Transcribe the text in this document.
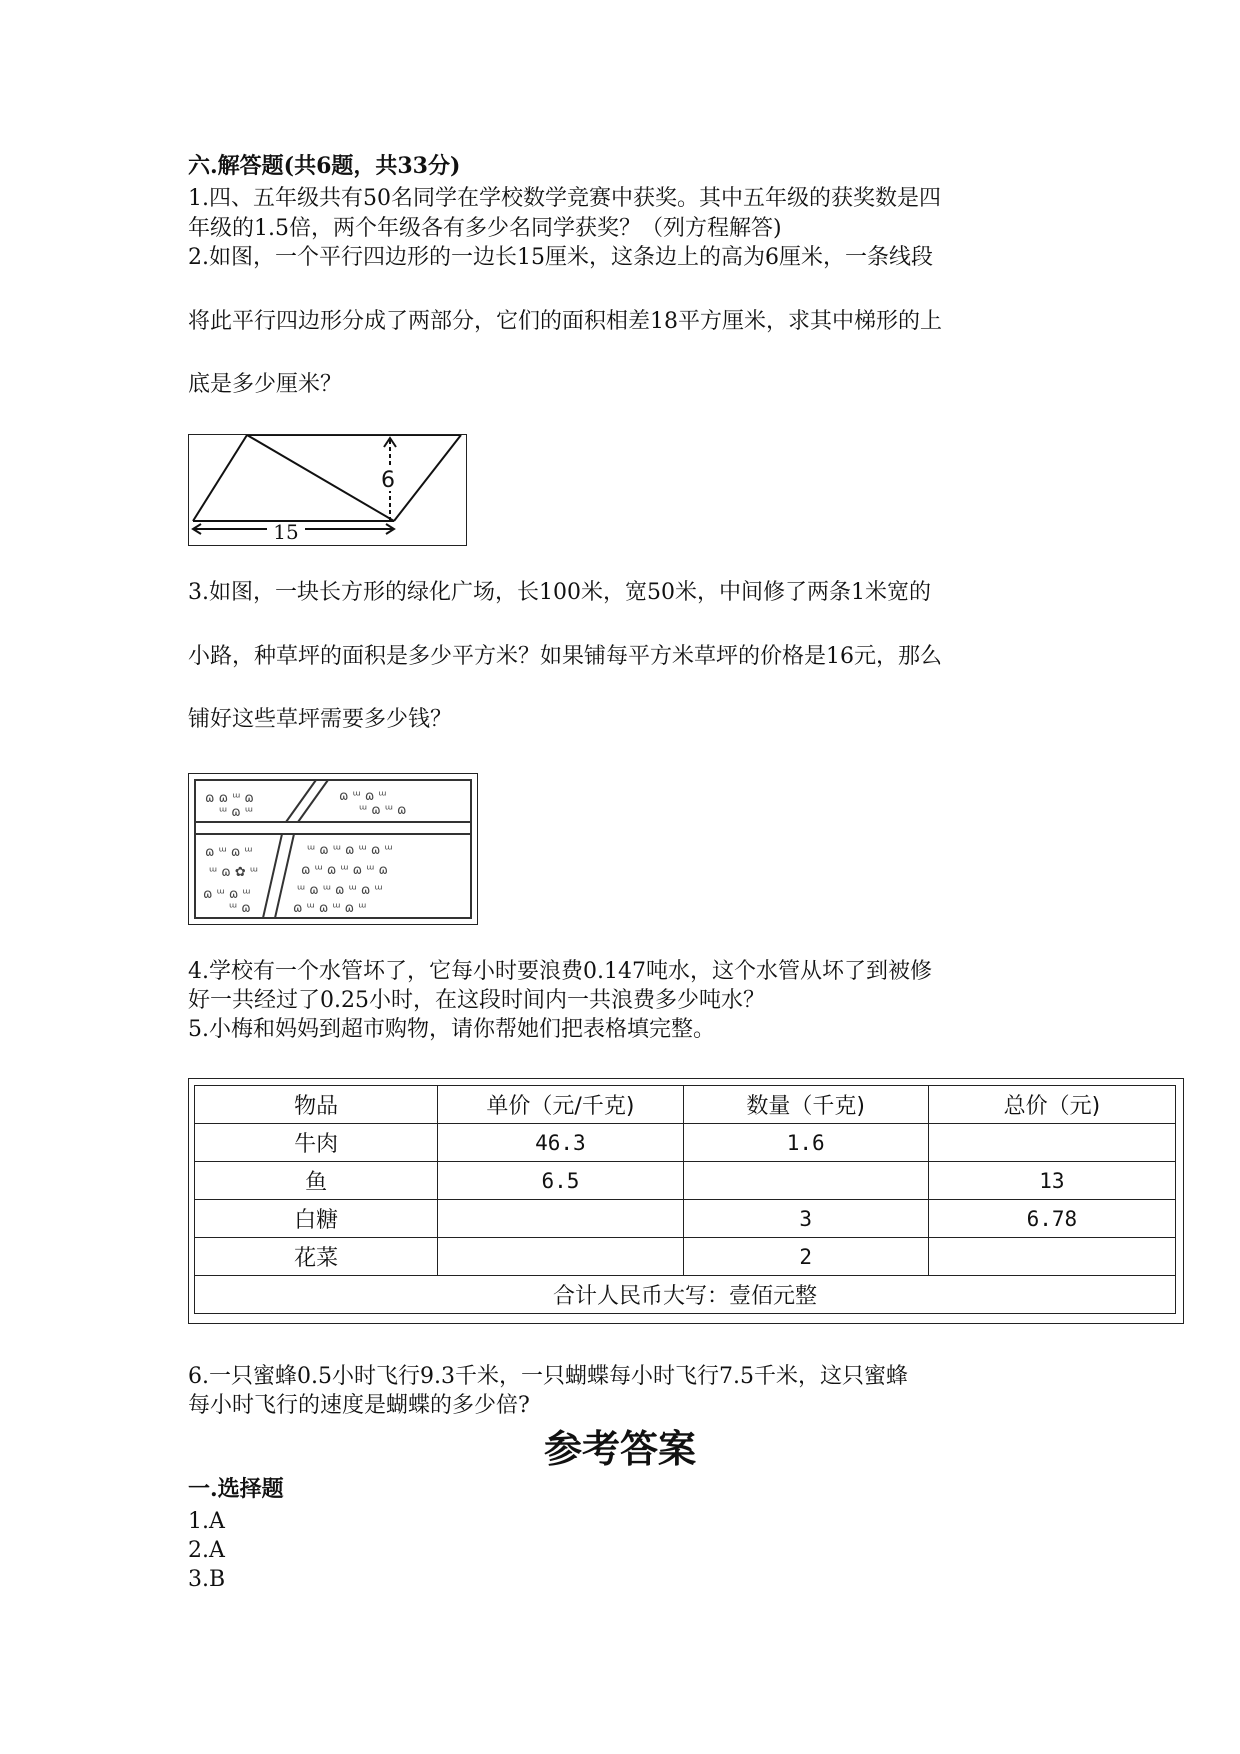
六.解答题(共6题，共33分)
1.四、五年级共有50名同学在学校数学竞赛中获奖。其中五年级的获奖数是四
年级的1.5倍，两个年级各有多少名同学获奖？（列方程解答)
2.如图，一个平行四边形的一边长15厘米，这条边上的高为6厘米，一条线段
将此平行四边形分成了两部分，它们的面积相差18平方厘米，求其中梯形的上
底是多少厘米？
15
6
3.如图，一块长方形的绿化广场，长100米，宽50米，中间修了两条1米宽的
小路，种草坪的面积是多少平方米？如果铺每平方米草坪的价格是16元，那么
铺好这些草坪需要多少钱？
ɷ ɷ ᵚ ɷ
ᵚ ɷ ᵚ
ɷ ᵚ ɷ ᵚ
ᵚ ɷ ᵚ ɷ
ɷ ᵚ ɷ ᵚ
ᵚ ɷ ✿ ᵚ
ɷ ᵚ ɷ ᵚ
ᵚ ɷ
ᵚ ɷ ᵚ ɷ ᵚ ɷ ᵚ
ɷ ᵚ ɷ ᵚ ɷ ᵚ ɷ
ᵚ ɷ ᵚ ɷ ᵚ ɷ ᵚ
ɷ ᵚ ɷ ᵚ ɷ ᵚ
4.学校有一个水管坏了，它每小时要浪费0.147吨水，这个水管从坏了到被修
好一共经过了0.25小时，在这段时间内一共浪费多少吨水？
5.小梅和妈妈到超市购物，请你帮她们把表格填完整。
物品	单价（元/千克)	数量（千克)	总价（元)
牛肉	46.3	1.6	
鱼	6.5		13
白糖		3	6.78
花菜		2	
合计人民币大写：壹佰元整			
6.一只蜜蜂0.5小时飞行9.3千米，一只蝴蝶每小时飞行7.5千米，这只蜜蜂
每小时飞行的速度是蝴蝶的多少倍?
参考答案
一.选择题
1.A
2.A
3.B
